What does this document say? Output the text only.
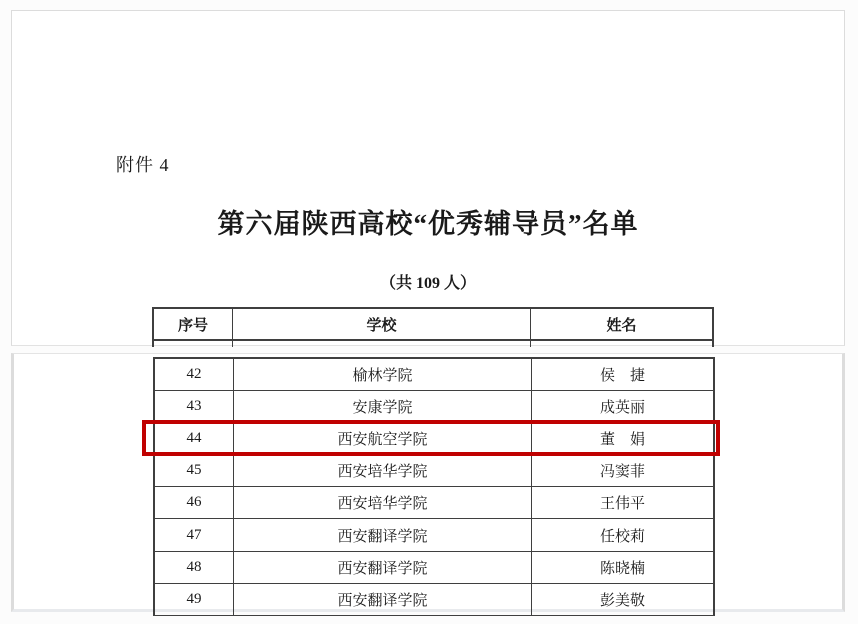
附件 4
第六届陕西高校“优秀辅导员”名单
（共 109 人）
序号	学校	姓名
42	榆林学院	侯　捷
43	安康学院	成英丽
44	西安航空学院	董　娟
45	西安培华学院	冯窦菲
46	西安培华学院	王伟平
47	西安翻译学院	任校莉
48	西安翻译学院	陈晓楠
49	西安翻译学院	彭美敬
